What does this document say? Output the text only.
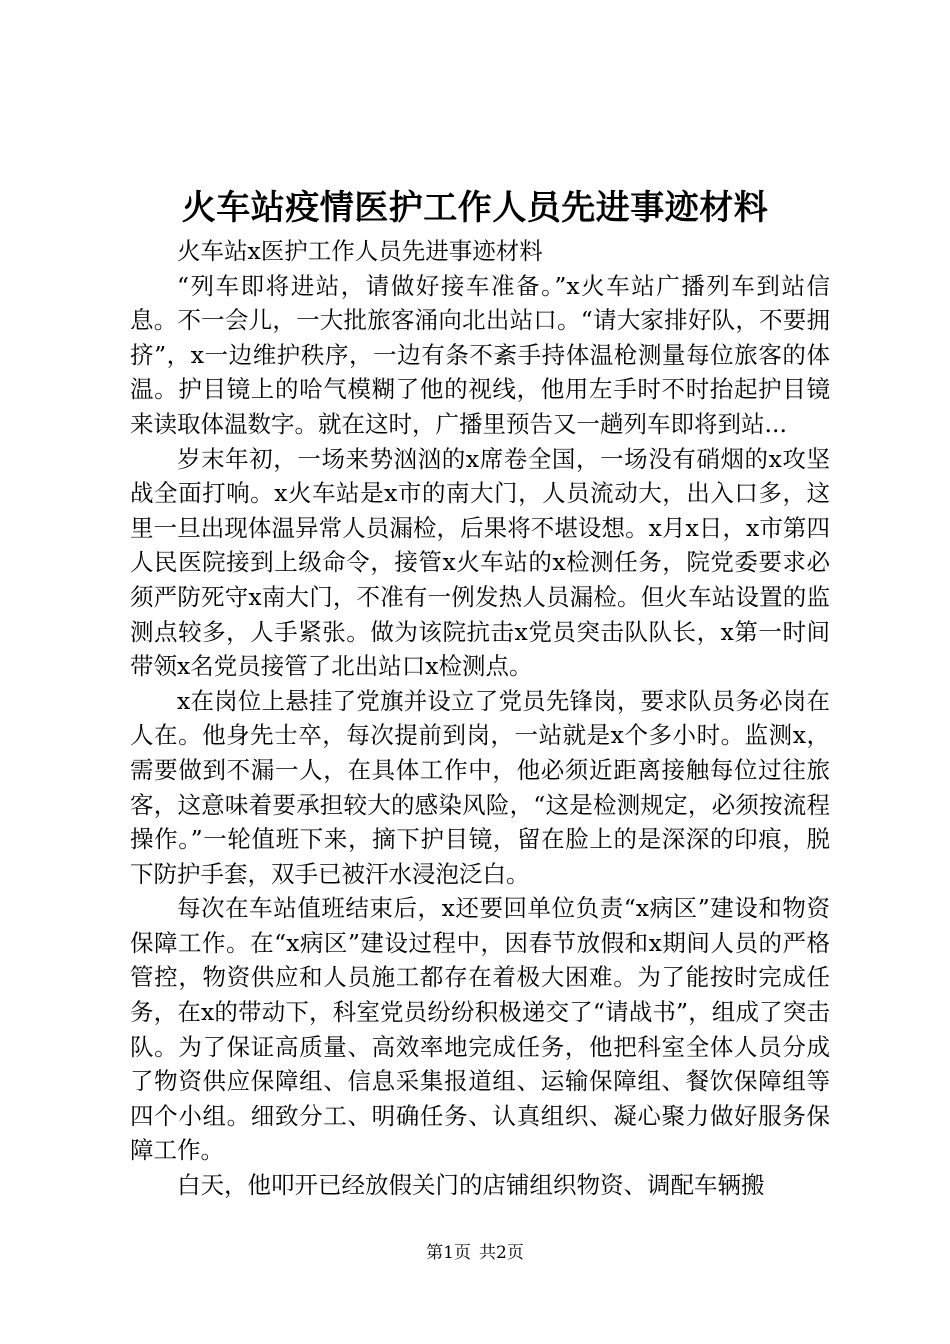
火车站疫情医护工作人员先进事迹材料

火车站x医护工作人员先进事迹材料

“列车即将进站，请做好接车准备。”x火车站广播列车到站信息。不一会儿，一大批旅客涌向北出站口。“请大家排好队，不要拥挤”，x一边维护秩序，一边有条不紊手持体温枪测量每位旅客的体温。护目镜上的哈气模糊了他的视线，他用左手时不时抬起护目镜来读取体温数字。就在这时，广播里预告又一趟列车即将到站...

岁末年初，一场来势汹汹的x席卷全国，一场没有硝烟的x攻坚战全面打响。x火车站是x市的南大门，人员流动大，出入口多，这里一旦出现体温异常人员漏检，后果将不堪设想。x月x日，x市第四人民医院接到上级命令，接管x火车站的x检测任务，院党委要求必须严防死守x南大门，不准有一例发热人员漏检。但火车站设置的监测点较多，人手紧张。做为该院抗击x党员突击队队长，x第一时间带领x名党员接管了北出站口x检测点。

x在岗位上悬挂了党旗并设立了党员先锋岗，要求队员务必岗在人在。他身先士卒，每次提前到岗，一站就是x个多小时。监测x，需要做到不漏一人，在具体工作中，他必须近距离接触每位过往旅客，这意味着要承担较大的感染风险，“这是检测规定，必须按流程操作。”一轮值班下来，摘下护目镜，留在脸上的是深深的印痕，脱下防护手套，双手已被汗水浸泡泛白。

每次在车站值班结束后，x还要回单位负责“x病区”建设和物资保障工作。在“x病区”建设过程中，因春节放假和x期间人员的严格管控，物资供应和人员施工都存在着极大困难。为了能按时完成任务，在x的带动下，科室党员纷纷积极递交了“请战书”，组成了突击队。为了保证高质量、高效率地完成任务，他把科室全体人员分成了物资供应保障组、信息采集报道组、运输保障组、餐饮保障组等四个小组。细致分工、明确任务、认真组织、凝心聚力做好服务保障工作。

白天，他叩开已经放假关门的店铺组织物资、调配车辆搬

第1页 共2页
